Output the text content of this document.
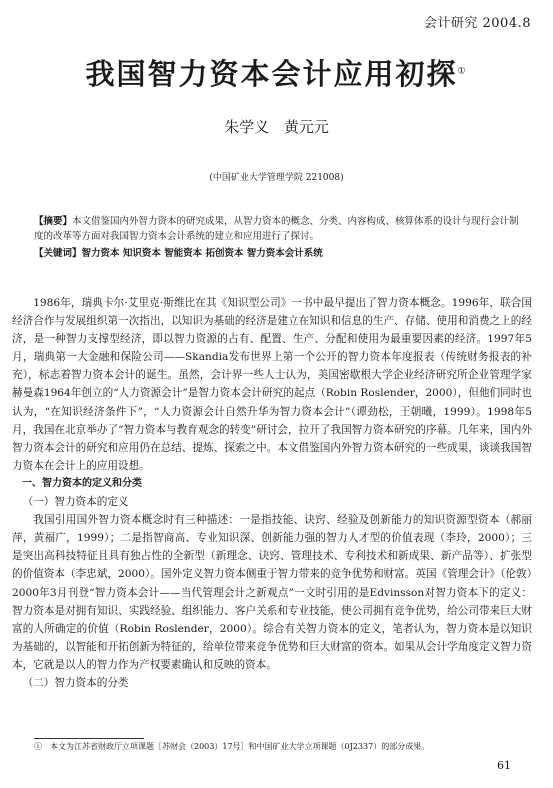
会计研究 2004.8
我国智力资本会计应用初探①
朱学义 黄元元
(中国矿业大学管理学院 221008)
【摘要】本文借鉴国内外智力资本的研究成果，从智力资本的概念、分类、内容构成、核算体系的设计与现行会计制度的改革等方面对我国智力资本会计系统的建立和应用进行了探讨。
【关键词】智力资本 知识资本 智能资本 拓创资本 智力资本会计系统

1986年，瑞典卡尔·艾里克·斯维比在其《知识型公司》一书中最早提出了智力资本概念。1996年，联合国经济合作与发展组织第一次指出，以知识为基础的经济是建立在知识和信息的生产、存储、使用和消费之上的经济，是一种智力支撑型经济，即以智力资源的占有、配置、生产、分配和使用为最重要因素的经济。1997年5月，瑞典第一大金融和保险公司——Skandia发布世界上第一个公开的智力资本年度报表（传统财务报表的补充），标志着智力资本会计的诞生。虽然，会计界一些人士认为，美国密歇根大学企业经济研究所企业管理学家赫曼森1964年创立的“人力资源会计”是智力资本会计研究的起点（Robin Roslender，2000），但他们同时也认为，“在知识经济条件下”，“人力资源会计自然升华为智力资本会计”（谭劲松，王朝曦，1999）。1998年5月，我国在北京举办了“智力资本与教育观念的转变”研讨会，拉开了我国智力资本研究的序幕。几年来，国内外智力资本会计的研究和应用仍在总结、提炼、探索之中。本文借鉴国内外智力资本研究的一些成果，谈谈我国智力资本在会计上的应用设想。

一、智力资本的定义和分类
（一）智力资本的定义

我国引用国外智力资本概念时有三种描述：一是指技能、诀窍、经验及创新能力的知识资源型资本（郝丽萍，黄福广，1999）；二是指智商高、专业知识深、创新能力强的智力人才型的价值表现（李玲，2000）；三是突出高科技特征且具有独占性的全新型（新理念、诀窍、管理技术、专利技术和新成果、新产品等）、扩张型的价值资本（李忠斌，2000）。国外定义智力资本侧重于智力带来的竞争优势和财富。英国《管理会计》（伦敦）2000年3月刊登“智力资本会计——当代管理会计之新观点”一文时引用的是Edvinsson对智力资本下的定义：智力资本是对拥有知识、实践经验、组织能力、客户关系和专业技能，使公司拥有竞争优势，给公司带来巨大财富的人所确定的价值（Robin Roslender，2000）。综合有关智力资本的定义，笔者认为，智力资本是以知识为基础的，以智能和开拓创新为特征的，给单位带来竞争优势和巨大财富的资本。如果从会计学角度定义智力资本，它就是以人的智力作为产权要素确认和反映的资本。

（二）智力资本的分类
①　本文为江苏省财政厅立项课题［苏财会（2003）17号］和中国矿业大学立项课题（0J2337）的部分成果。
61
